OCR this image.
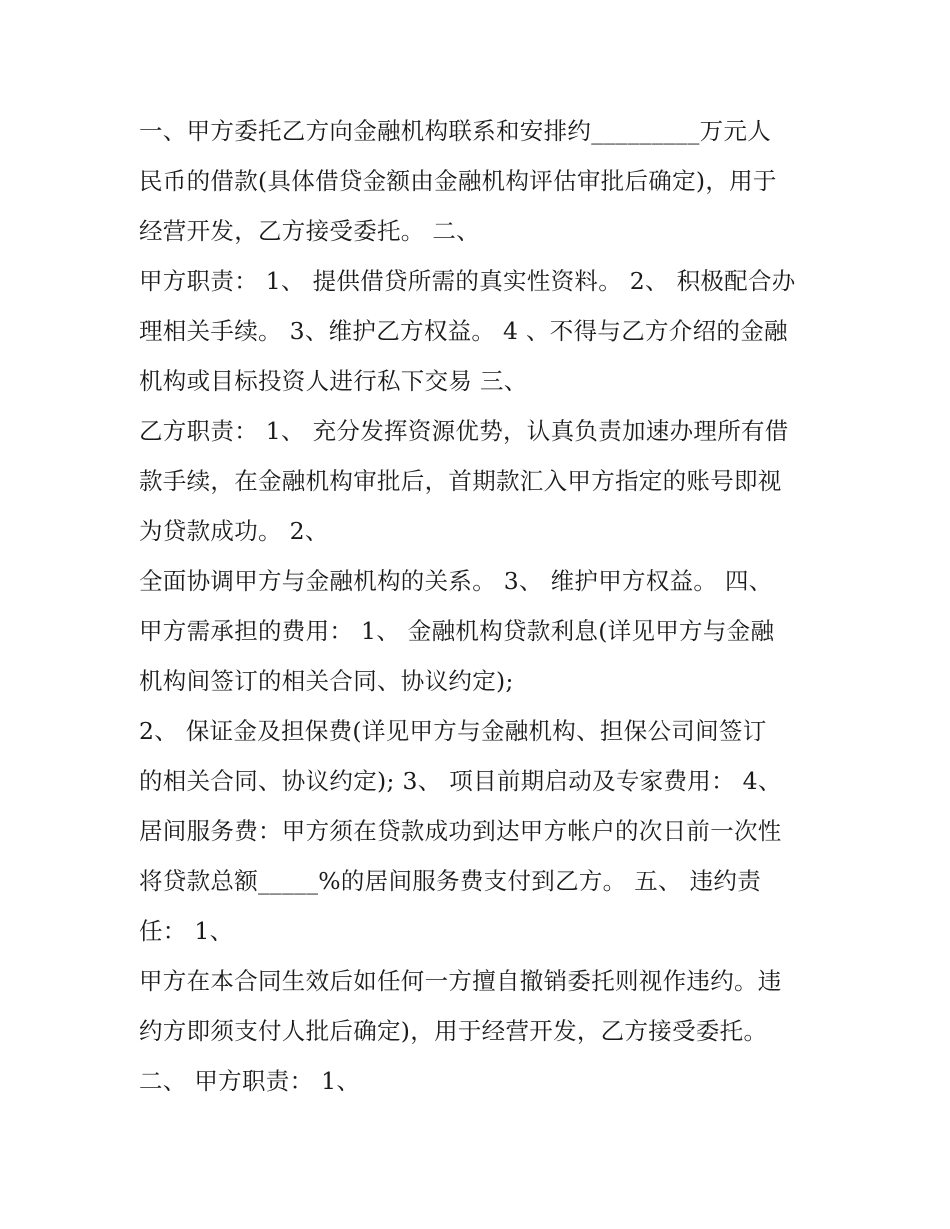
一、甲方委托乙方向金融机构联系和安排约_________万元人
民币的借款(具体借贷金额由金融机构评估审批后确定)，用于
经营开发，乙方接受委托。 二、
甲方职责： 1、 提供借贷所需的真实性资料。 2、 积极配合办
理相关手续。 3、维护乙方权益。 4 、不得与乙方介绍的金融
机构或目标投资人进行私下交易 三、
乙方职责： 1、 充分发挥资源优势，认真负责加速办理所有借
款手续，在金融机构审批后，首期款汇入甲方指定的账号即视
为贷款成功。 2、
全面协调甲方与金融机构的关系。 3、 维护甲方权益。 四、
甲方需承担的费用： 1、 金融机构贷款利息(详见甲方与金融
机构间签订的相关合同、协议约定);
2、 保证金及担保费(详见甲方与金融机构、担保公司间签订
的相关合同、协议约定); 3、 项目前期启动及专家费用： 4、
居间服务费：甲方须在贷款成功到达甲方帐户的次日前一次性
将贷款总额_____%的居间服务费支付到乙方。 五、 违约责
任： 1、
甲方在本合同生效后如任何一方擅自撤销委托则视作违约。违
约方即须支付人批后确定)，用于经营开发，乙方接受委托。
二、 甲方职责： 1、
